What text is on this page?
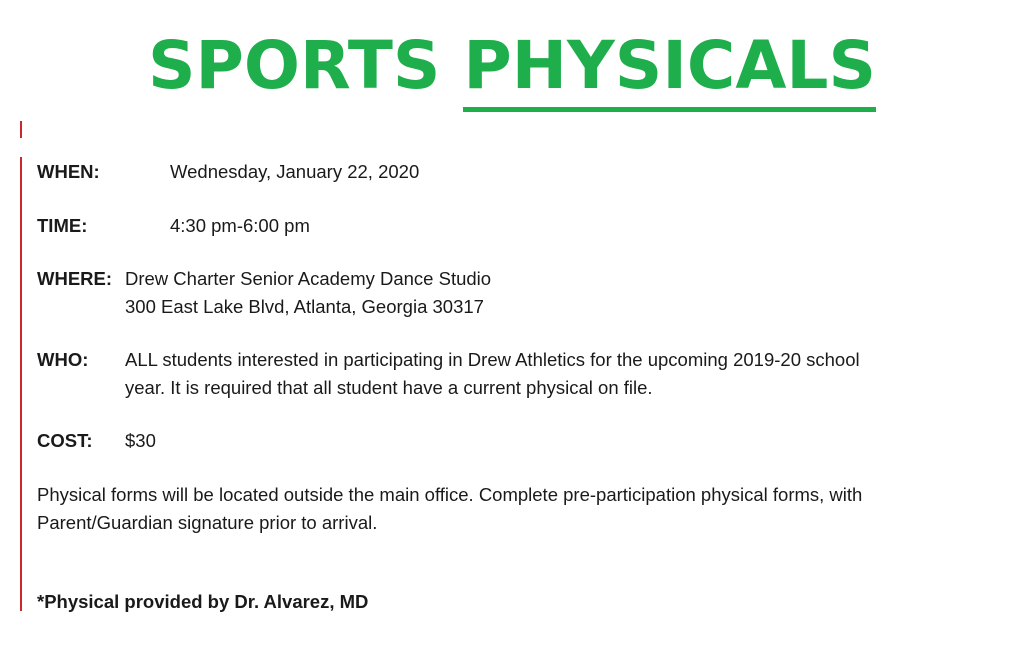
SPORTS PHYSICALS
WHEN:	Wednesday, January 22, 2020
TIME:	4:30 pm-6:00 pm
WHERE: Drew Charter Senior Academy Dance Studio
300 East Lake Blvd, Atlanta, Georgia 30317
WHO: ALL students interested in participating in Drew Athletics for the upcoming 2019-20 school
year. It is required that all student have a current physical on file.
COST: $30
Physical forms will be located outside the main office. Complete pre-participation physical forms, with
Parent/Guardian signature prior to arrival.
*Physical provided by Dr. Alvarez, MD
